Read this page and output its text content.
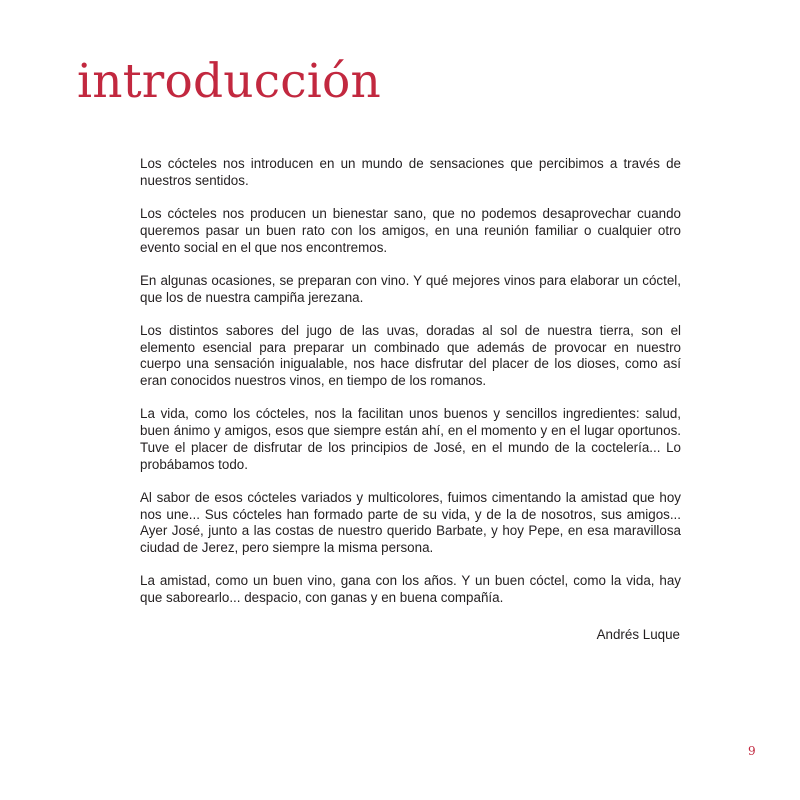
introducción

Los cócteles nos introducen en un mundo de sensaciones que percibimos a través de nuestros sentidos.

Los cócteles nos producen un bienestar sano, que no podemos desaprovechar cuando queremos pasar un buen rato con los amigos, en una reunión familiar o cualquier otro evento social en el que nos encontremos.

En algunas ocasiones, se preparan con vino. Y qué mejores vinos para elaborar un cóctel, que los de nuestra campiña jerezana.

Los distintos sabores del jugo de las uvas, doradas al sol de nuestra tierra, son el elemento esencial para preparar un combinado que además de provocar en nuestro cuerpo una sensación inigualable, nos hace disfrutar del placer de los dioses, como así eran conocidos nuestros vinos, en tiempo de los romanos.

La vida, como los cócteles, nos la facilitan unos buenos y sencillos ingredientes: salud, buen ánimo y amigos, esos que siempre están ahí, en el momento y en el lugar oportunos. Tuve el placer de disfrutar de los principios de José, en el mundo de la coctelería... Lo probábamos todo.

Al sabor de esos cócteles variados y multicolores, fuimos cimentando la amistad que hoy nos une... Sus cócteles han formado parte de su vida, y de la de nosotros, sus amigos... Ayer José, junto a las costas de nuestro querido Barbate, y hoy Pepe, en esa maravillosa ciudad de Jerez, pero siempre la misma persona.

La amistad, como un buen vino, gana con los años. Y un buen cóctel, como la vida, hay que saborearlo... despacio, con ganas y en buena compañía.

Andrés Luque
9
